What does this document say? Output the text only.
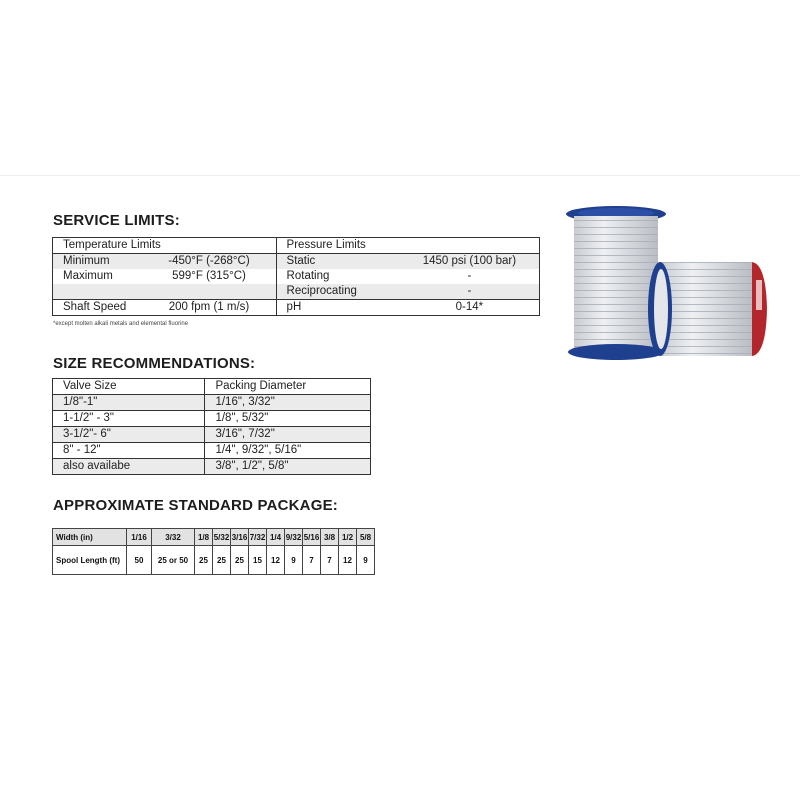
SERVICE LIMITS:
Temperature Limits		Pressure Limits	
Minimum	-450°F (-268°C)	Static	1450 psi (100 bar)
Maximum	599°F (315°C)	Rotating	-
		Reciprocating	-
Shaft Speed	200 fpm (1 m/s)	pH	0-14*
*except molten alkali metals and elemental fluorine
SIZE RECOMMENDATIONS:
Valve Size	Packing Diameter
1/8"-1"	1/16", 3/32"
1-1/2" - 3"	1/8", 5/32"
3-1/2"- 6"	3/16", 7/32"
8" - 12"	1/4", 9/32", 5/16"
also availabe	3/8", 1/2", 5/8"
APPROXIMATE STANDARD PACKAGE:
Width (in)	1/16	3/32	1/8	5/32	3/16	7/32	1/4	9/32	5/16	3/8	1/2	5/8
Spool Length (ft)	50	25 or 50	25	25	25	15	12	9	7	7	12	9
